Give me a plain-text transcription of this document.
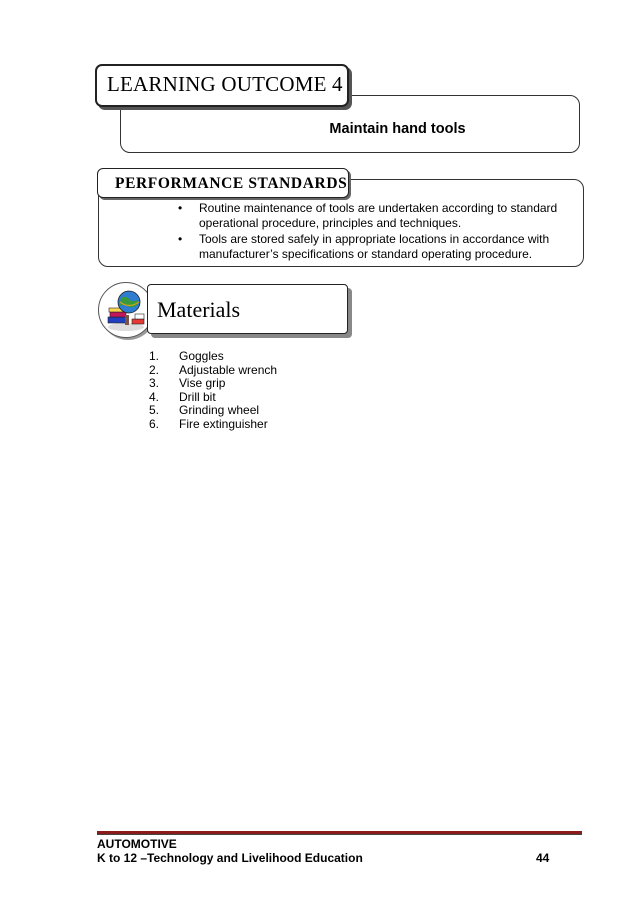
Maintain hand tools
LEARNING OUTCOME 4
PERFORMANCE STANDARDS
• Routine maintenance of tools are undertaken according to standard operational procedure, principles and techniques.
• Tools are stored safely in appropriate locations in accordance with manufacturer’s specifications or standard operating procedure.
Materials
1. Goggles
2. Adjustable wrench
3. Vise grip
4. Drill bit
5. Grinding wheel
6. Fire extinguisher
AUTOMOTIVE
K to 12 –Technology and Livelihood Education	44
